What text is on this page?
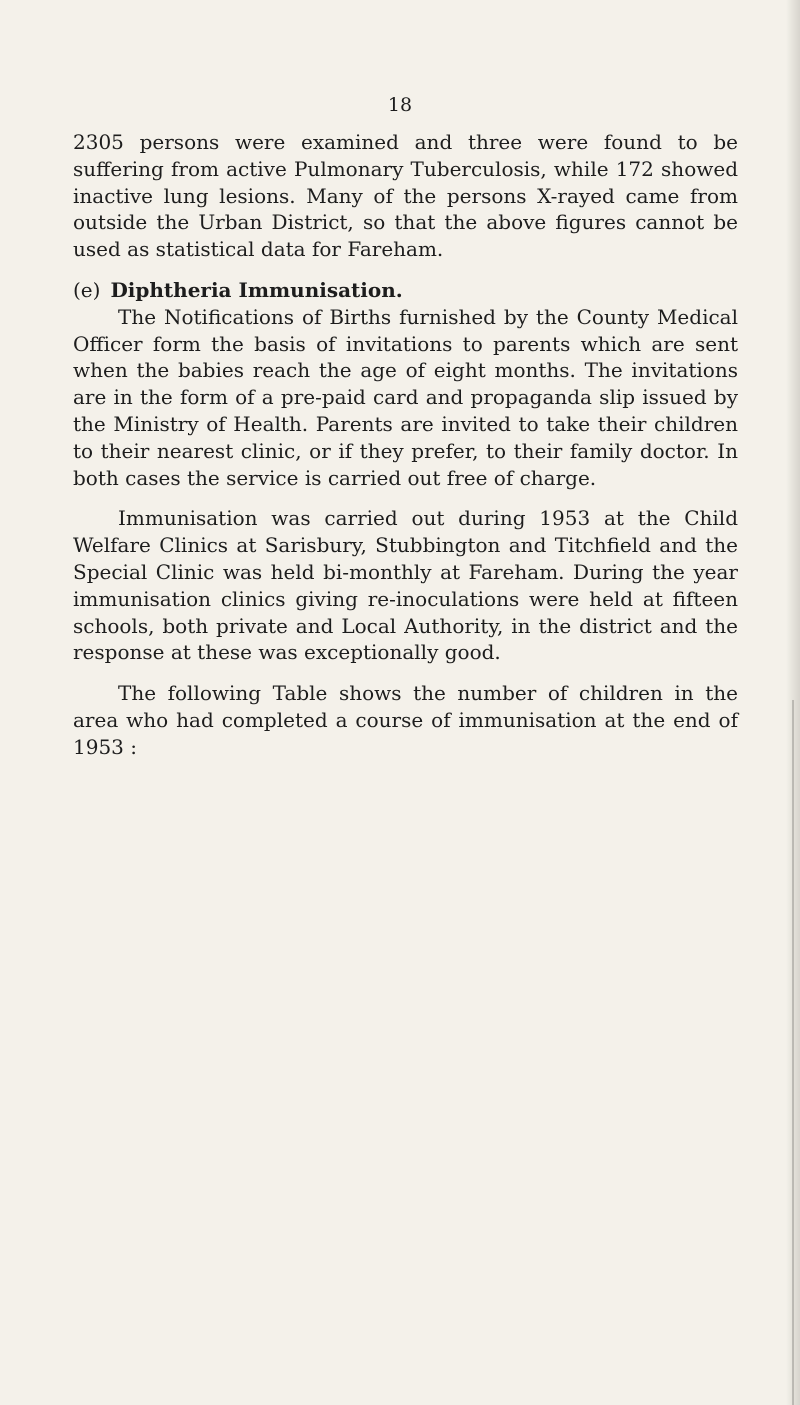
18

2305 persons were examined and three were found to be suffering from active Pulmonary Tuberculosis, while 172 showed inactive lung lesions. Many of the persons X-rayed came from outside the Urban District, so that the above figures cannot be used as statistical data for Fareham.

(e) Diphtheria Immunisation.

The Notifications of Births furnished by the County Medical Officer form the basis of invitations to parents which are sent when the babies reach the age of eight months. The invitations are in the form of a pre-paid card and propaganda slip issued by the Ministry of Health. Parents are invited to take their children to their nearest clinic, or if they prefer, to their family doctor. In both cases the service is carried out free of charge.

Immunisation was carried out during 1953 at the Child Welfare Clinics at Sarisbury, Stubbington and Titchfield and the Special Clinic was held bi-monthly at Fareham. During the year immunisation clinics giving re-inoculations were held at fifteen schools, both private and Local Authority, in the district and the response at these was exceptionally good.

The following Table shows the number of children in the area who had completed a course of immunisation at the end of 1953 :
